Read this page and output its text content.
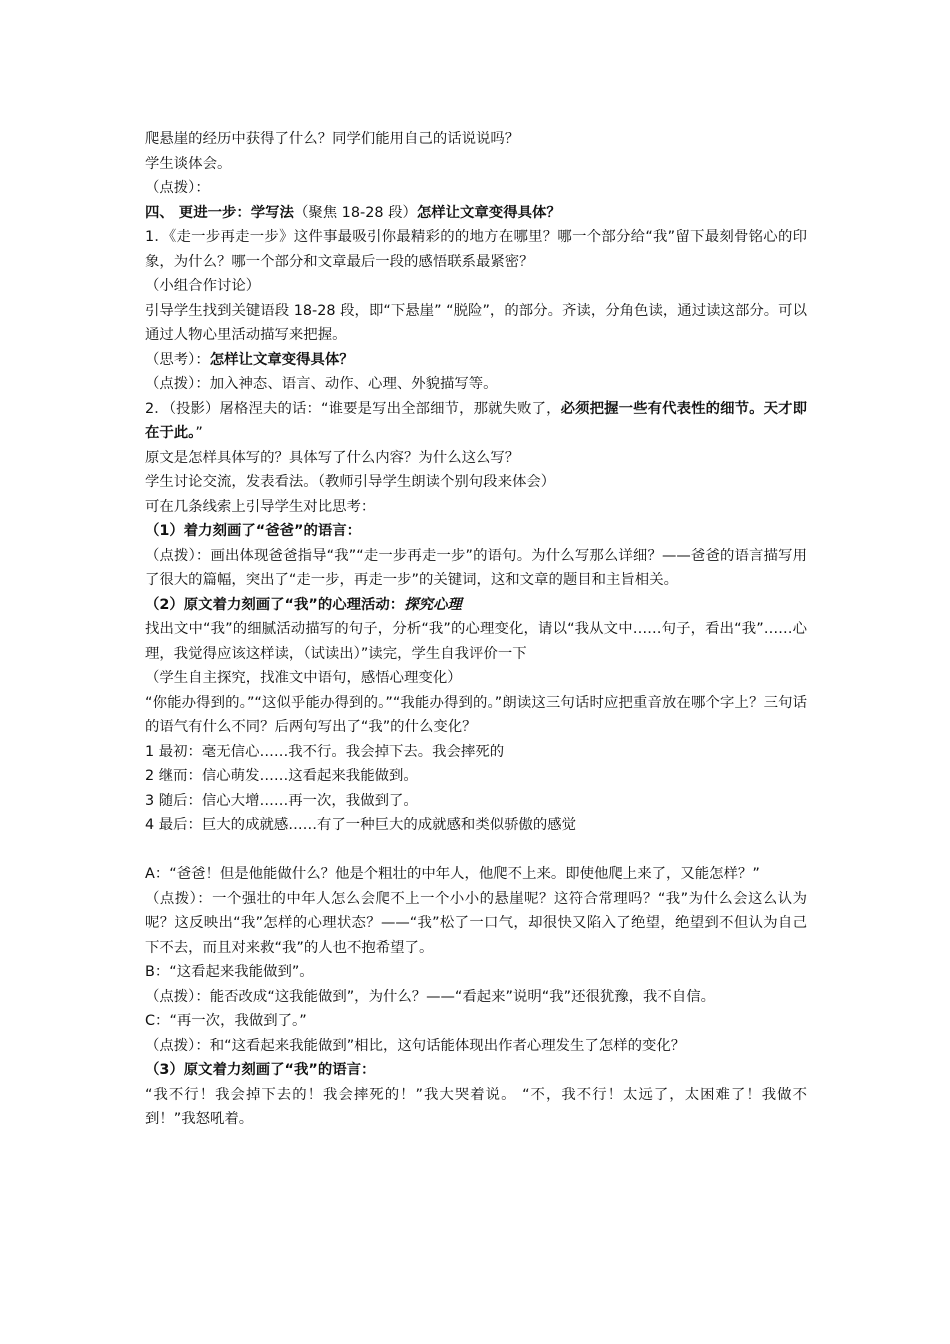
爬悬崖的经历中获得了什么？同学们能用自己的话说说吗？

学生谈体会。

（点拨）：

四、 更进一步：学写法（聚焦 18-28 段）怎样让文章变得具体？

1．《走一步再走一步》这件事最吸引你最精彩的的地方在哪里？哪一个部分给“我”留下最刻骨铭心的印象，为什么？哪一个部分和文章最后一段的感悟联系最紧密？

（小组合作讨论）

引导学生找到关键语段 18-28 段，即“下悬崖” “脱险”，的部分。齐读，分角色读，通过读这部分。可以通过人物心里活动描写来把握。

（思考）：怎样让文章变得具体？

（点拨）：加入神态、语言、动作、心理、外貌描写等。

2．（投影）屠格涅夫的话：“谁要是写出全部细节，那就失败了，必须把握一些有代表性的细节。天才即在于此。”

原文是怎样具体写的？具体写了什么内容？为什么这么写？

学生讨论交流，发表看法。（教师引导学生朗读个别句段来体会）

可在几条线索上引导学生对比思考：

（1）着力刻画了“爸爸”的语言：

（点拨）：画出体现爸爸指导“我”“走一步再走一步”的语句。为什么写那么详细？——爸爸的语言描写用了很大的篇幅，突出了“走一步，再走一步”的关键词，这和文章的题目和主旨相关。

（2）原文着力刻画了“我”的心理活动：探究心理

找出文中“我”的细腻活动描写的句子，分析“我”的心理变化，请以“我从文中……句子，看出“我”……心理，我觉得应该这样读，（试读出）”读完，学生自我评价一下

（学生自主探究，找准文中语句，感悟心理变化）

“你能办得到的。”“这似乎能办得到的。”“我能办得到的。”朗读这三句话时应把重音放在哪个字上？三句话的语气有什么不同？后两句写出了“我”的什么变化？

1 最初：毫无信心……我不行。我会掉下去。我会摔死的

2 继而：信心萌发……这看起来我能做到。

3 随后：信心大增……再一次，我做到了。

4 最后：巨大的成就感……有了一种巨大的成就感和类似骄傲的感觉

A：“爸爸！但是他能做什么？他是个粗壮的中年人，他爬不上来。即使他爬上来了，又能怎样？”

（点拨）：一个强壮的中年人怎么会爬不上一个小小的悬崖呢？这符合常理吗？“我”为什么会这么认为呢？这反映出“我”怎样的心理状态？——“我”松了一口气，却很快又陷入了绝望，绝望到不但认为自己下不去，而且对来救“我”的人也不抱希望了。

B：“这看起来我能做到”。

（点拨）：能否改成“这我能做到”，为什么？——“看起来”说明“我”还很犹豫，我不自信。

C：“再一次，我做到了。”

（点拨）：和“这看起来我能做到”相比，这句话能体现出作者心理发生了怎样的变化？

（3）原文着力刻画了“我”的语言：

“我不行！我会掉下去的！我会摔死的！”我大哭着说。 “不，我不行！太远了，太困难了！我做不到！”我怒吼着。
